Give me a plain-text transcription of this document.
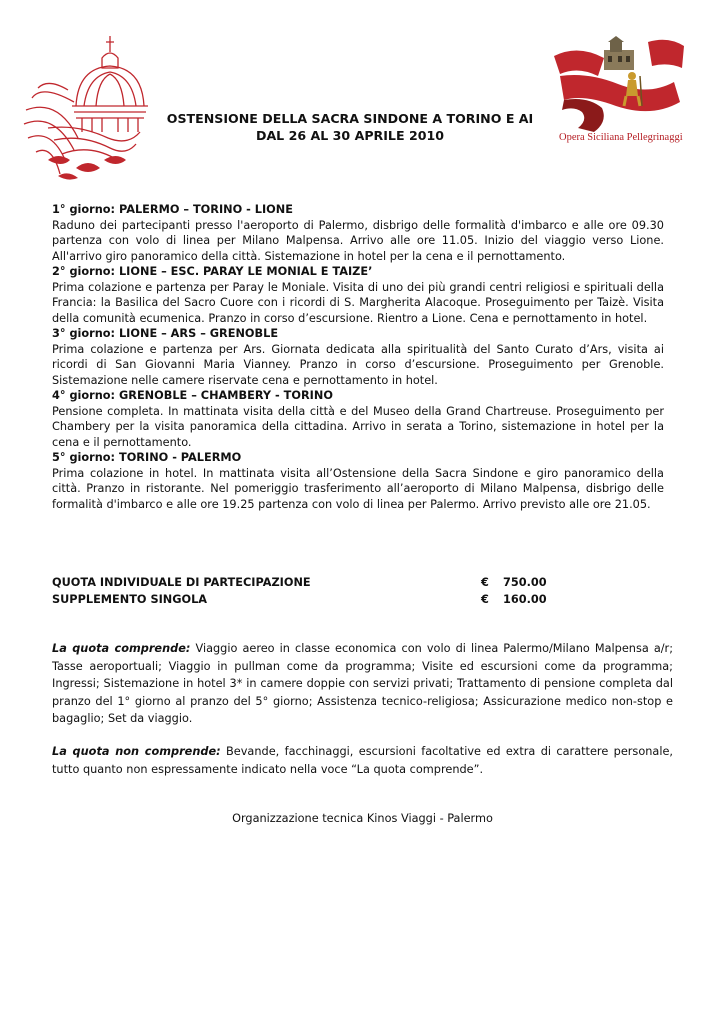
Opera Siciliana Pellegrinaggi
OSTENSIONE DELLA SACRA SINDONE A TORINO E AI
DAL 26 AL 30 APRILE 2010
1° giorno: PALERMO – TORINO - LIONE

Raduno dei partecipanti presso l'aeroporto di Palermo, disbrigo delle formalità d'imbarco e alle ore 09.30 partenza con volo di linea per Milano Malpensa. Arrivo alle ore 11.05. Inizio del viaggio verso Lione. All'arrivo giro panoramico della città. Sistemazione in hotel per la cena e il pernottamento.

2° giorno: LIONE – ESC. PARAY LE MONIAL E TAIZE’

Prima colazione e partenza per Paray le Moniale. Visita di uno dei più grandi centri religiosi e spirituali della Francia: la Basilica del Sacro Cuore con i ricordi di S. Margherita Alacoque. Proseguimento per Taizè. Visita della comunità ecumenica. Pranzo in corso d’escursione. Rientro a Lione. Cena e pernottamento in hotel.

3° giorno: LIONE – ARS – GRENOBLE

Prima colazione e partenza per Ars. Giornata dedicata alla spiritualità del Santo Curato d’Ars, visita ai ricordi di San Giovanni Maria Vianney. Pranzo in corso d’escursione. Proseguimento per Grenoble. Sistemazione nelle camere riservate cena e pernottamento in hotel.

4° giorno: GRENOBLE – CHAMBERY - TORINO

Pensione completa. In mattinata visita della città e del Museo della Grand Chartreuse. Proseguimento per Chambery per la visita panoramica della cittadina. Arrivo in serata a Torino, sistemazione in hotel per la cena e il pernottamento.

5° giorno: TORINO - PALERMO

Prima colazione in hotel. In mattinata visita all’Ostensione della Sacra Sindone e giro panoramico della città. Pranzo in ristorante. Nel pomeriggio trasferimento all’aeroporto di Milano Malpensa, disbrigo delle formalità d'imbarco e alle ore 19.25 partenza con volo di linea per Palermo. Arrivo previsto alle ore 21.05.

QUOTA INDIVIDUALE DI PARTECIPAZIONE	€	750.00
SUPPLEMENTO SINGOLA	€	160.00

La quota comprende: Viaggio aereo in classe economica con volo di linea Palermo/Milano Malpensa a/r; Tasse aeroportuali; Viaggio in pullman come da programma; Visite ed escursioni come da programma; Ingressi; Sistemazione in hotel 3* in camere doppie con servizi privati; Trattamento di pensione completa dal pranzo del 1° giorno al pranzo del 5° giorno; Assistenza tecnico-religiosa; Assicurazione medico non-stop e bagaglio; Set da viaggio.

La quota non comprende: Bevande, facchinaggi, escursioni facoltative ed extra di carattere personale, tutto quanto non espressamente indicato nella voce “La quota comprende”.

Organizzazione tecnica Kinos Viaggi - Palermo
